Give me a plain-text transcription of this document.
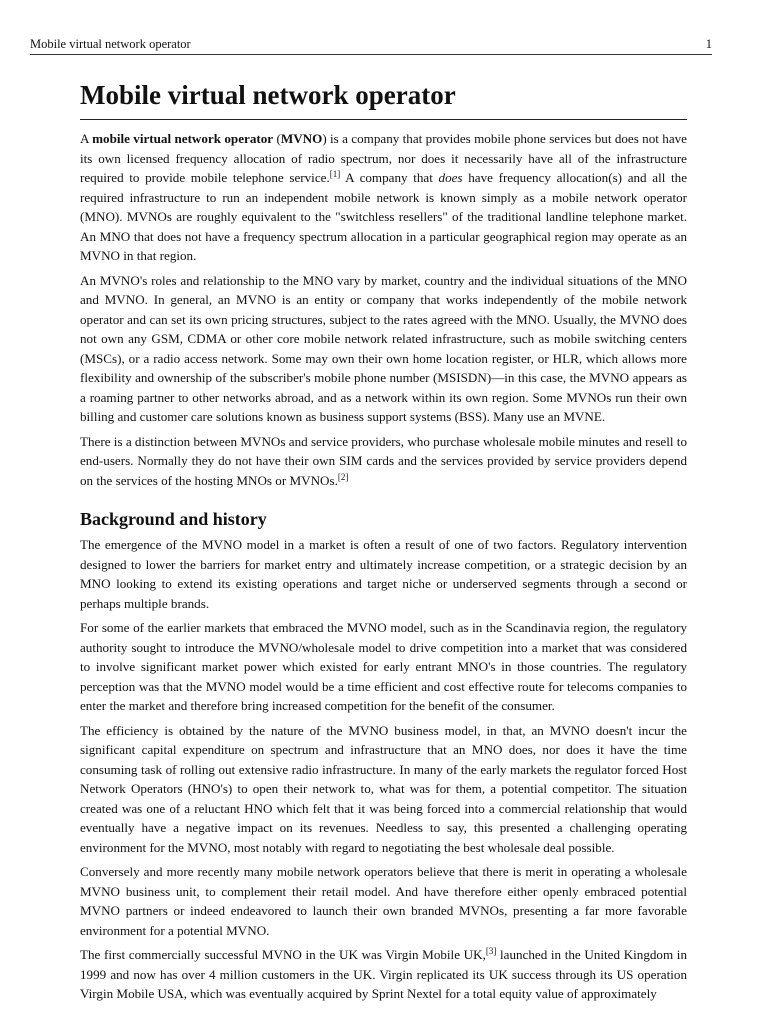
Mobile virtual network operator	1
Mobile virtual network operator

A mobile virtual network operator (MVNO) is a company that provides mobile phone services but does not have its own licensed frequency allocation of radio spectrum, nor does it necessarily have all of the infrastructure required to provide mobile telephone service.[1] A company that does have frequency allocation(s) and all the required infrastructure to run an independent mobile network is known simply as a mobile network operator (MNO). MVNOs are roughly equivalent to the "switchless resellers" of the traditional landline telephone market. An MNO that does not have a frequency spectrum allocation in a particular geographical region may operate as an MVNO in that region.

An MVNO's roles and relationship to the MNO vary by market, country and the individual situations of the MNO and MVNO. In general, an MVNO is an entity or company that works independently of the mobile network operator and can set its own pricing structures, subject to the rates agreed with the MNO. Usually, the MVNO does not own any GSM, CDMA or other core mobile network related infrastructure, such as mobile switching centers (MSCs), or a radio access network. Some may own their own home location register, or HLR, which allows more flexibility and ownership of the subscriber's mobile phone number (MSISDN)—in this case, the MVNO appears as a roaming partner to other networks abroad, and as a network within its own region. Some MVNOs run their own billing and customer care solutions known as business support systems (BSS). Many use an MVNE.

There is a distinction between MVNOs and service providers, who purchase wholesale mobile minutes and resell to end-users. Normally they do not have their own SIM cards and the services provided by service providers depend on the services of the hosting MNOs or MVNOs.[2]

Background and history

The emergence of the MVNO model in a market is often a result of one of two factors. Regulatory intervention designed to lower the barriers for market entry and ultimately increase competition, or a strategic decision by an MNO looking to extend its existing operations and target niche or underserved segments through a second or perhaps multiple brands.

For some of the earlier markets that embraced the MVNO model, such as in the Scandinavia region, the regulatory authority sought to introduce the MVNO/wholesale model to drive competition into a market that was considered to involve significant market power which existed for early entrant MNO's in those countries. The regulatory perception was that the MVNO model would be a time efficient and cost effective route for telecoms companies to enter the market and therefore bring increased competition for the benefit of the consumer.

The efficiency is obtained by the nature of the MVNO business model, in that, an MVNO doesn't incur the significant capital expenditure on spectrum and infrastructure that an MNO does, nor does it have the time consuming task of rolling out extensive radio infrastructure. In many of the early markets the regulator forced Host Network Operators (HNO's) to open their network to, what was for them, a potential competitor. The situation created was one of a reluctant HNO which felt that it was being forced into a commercial relationship that would eventually have a negative impact on its revenues. Needless to say, this presented a challenging operating environment for the MVNO, most notably with regard to negotiating the best wholesale deal possible.

Conversely and more recently many mobile network operators believe that there is merit in operating a wholesale MVNO business unit, to complement their retail model. And have therefore either openly embraced potential MVNO partners or indeed endeavored to launch their own branded MVNOs, presenting a far more favorable environment for a potential MVNO.

The first commercially successful MVNO in the UK was Virgin Mobile UK,[3] launched in the United Kingdom in 1999 and now has over 4 million customers in the UK. Virgin replicated its UK success through its US operation Virgin Mobile USA, which was eventually acquired by Sprint Nextel for a total equity value of approximately
